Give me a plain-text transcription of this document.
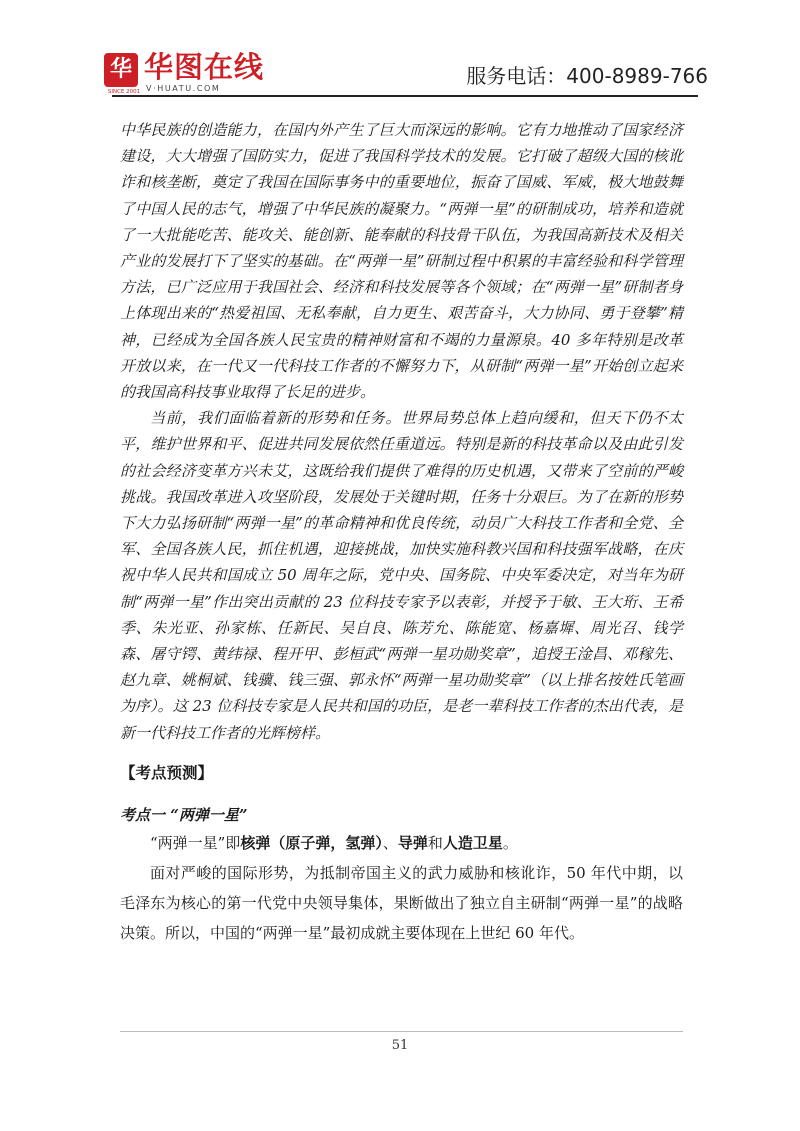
华 华图在线
V·HUATU.COM
SINCE 2001
服务电话：400-8989-766

中华民族的创造能力，在国内外产生了巨大而深远的影响。它有力地推动了国家经济建设，大大增强了国防实力，促进了我国科学技术的发展。它打破了超级大国的核讹诈和核垄断，奠定了我国在国际事务中的重要地位，振奋了国威、军威，极大地鼓舞了中国人民的志气，增强了中华民族的凝聚力。“两弹一星”的研制成功，培养和造就了一大批能吃苦、能攻关、能创新、能奉献的科技骨干队伍，为我国高新技术及相关产业的发展打下了坚实的基础。在“两弹一星”研制过程中积累的丰富经验和科学管理方法，已广泛应用于我国社会、经济和科技发展等各个领域；在“两弹一星”研制者身上体现出来的“热爱祖国、无私奉献，自力更生、艰苦奋斗，大力协同、勇于登攀”精神，已经成为全国各族人民宝贵的精神财富和不竭的力量源泉。40 多年特别是改革开放以来，在一代又一代科技工作者的不懈努力下，从研制“两弹一星”开始创立起来的我国高科技事业取得了长足的进步。

当前，我们面临着新的形势和任务。世界局势总体上趋向缓和，但天下仍不太平，维护世界和平、促进共同发展依然任重道远。特别是新的科技革命以及由此引发的社会经济变革方兴未艾，这既给我们提供了难得的历史机遇，又带来了空前的严峻挑战。我国改革进入攻坚阶段，发展处于关键时期，任务十分艰巨。为了在新的形势下大力弘扬研制“两弹一星”的革命精神和优良传统，动员广大科技工作者和全党、全军、全国各族人民，抓住机遇，迎接挑战，加快实施科教兴国和科技强军战略，在庆祝中华人民共和国成立 50 周年之际，党中央、国务院、中央军委决定，对当年为研制“两弹一星”作出突出贡献的 23 位科技专家予以表彰，并授予于敏、王大珩、王希季、朱光亚、孙家栋、任新民、吴自良、陈芳允、陈能宽、杨嘉墀、周光召、钱学森、屠守锷、黄纬禄、程开甲、彭桓武“两弹一星功勋奖章”，追授王淦昌、邓稼先、赵九章、姚桐斌、钱骥、钱三强、郭永怀“两弹一星功勋奖章”（以上排名按姓氏笔画为序）。这 23 位科技专家是人民共和国的功臣，是老一辈科技工作者的杰出代表，是新一代科技工作者的光辉榜样。

【考点预测】
考点一 “两弹一星”

“两弹一星”即核弹（原子弹，氢弹）、导弹和人造卫星。

面对严峻的国际形势，为抵制帝国主义的武力威胁和核讹诈，50 年代中期，以毛泽东为核心的第一代党中央领导集体，果断做出了独立自主研制“两弹一星”的战略决策。所以，中国的“两弹一星”最初成就主要体现在上世纪 60 年代。

51
